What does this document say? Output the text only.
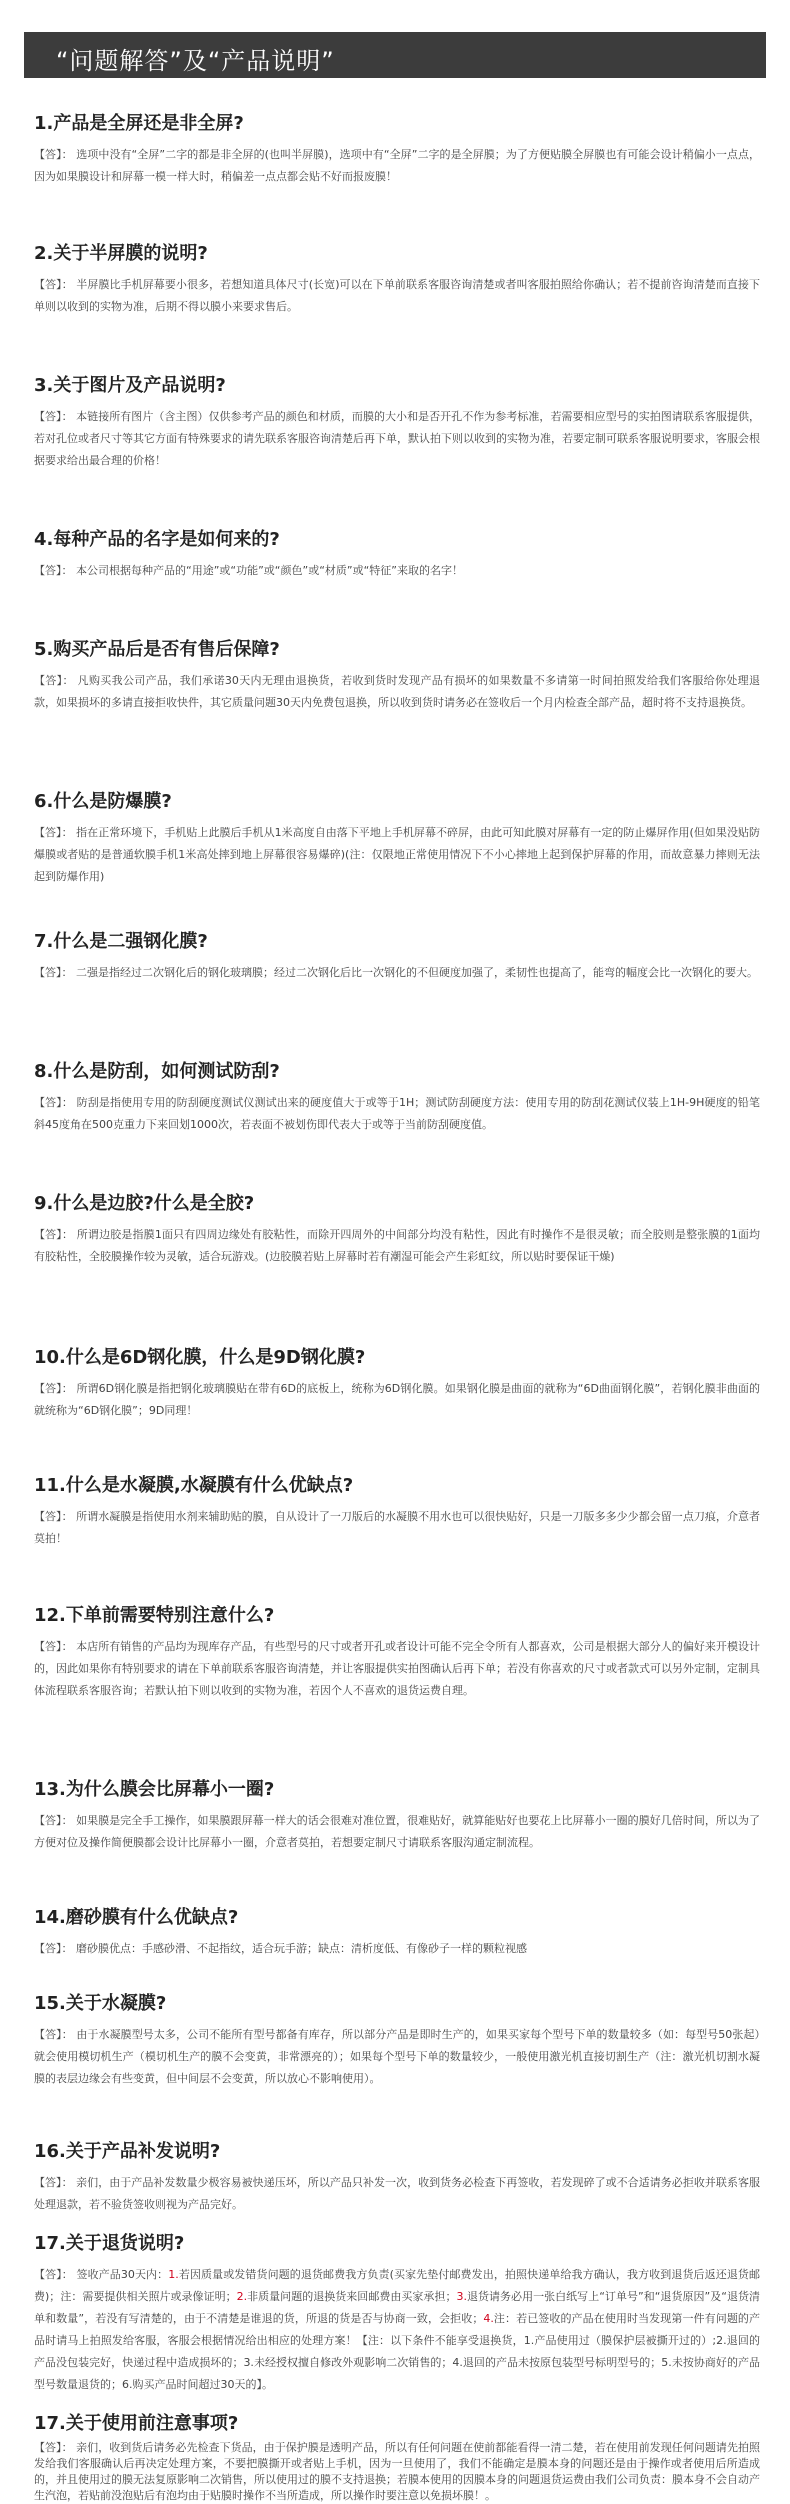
“问题解答”及“产品说明”
1.产品是全屏还是非全屏?
【答】： 选项中没有“全屏”二字的都是非全屏的(也叫半屏膜)，选项中有“全屏”二字的是全屏膜；为了方便贴膜全屏膜也有可能会设计稍偏小一点点，因为如果膜设计和屏幕一模一样大时，稍偏差一点点都会贴不好而报废膜！
2.关于半屏膜的说明?
【答】： 半屏膜比手机屏幕要小很多，若想知道具体尺寸(长宽)可以在下单前联系客服咨询清楚或者叫客服拍照给你确认；若不提前咨询清楚而直接下单则以收到的实物为准，后期不得以膜小来要求售后。
3.关于图片及产品说明?
【答】： 本链接所有图片（含主图）仅供参考产品的颜色和材质，而膜的大小和是否开孔不作为参考标准，若需要相应型号的实拍图请联系客服提供，若对孔位或者尺寸等其它方面有特殊要求的请先联系客服咨询清楚后再下单，默认拍下则以收到的实物为准，若要定制可联系客服说明要求，客服会根据要求给出最合理的价格！
4.每种产品的名字是如何来的?
【答】： 本公司根据每种产品的“用途”或“功能”或“颜色”或“材质”或“特征”来取的名字！
5.购买产品后是否有售后保障?
【答】： 凡购买我公司产品，我们承诺30天内无理由退换货，若收到货时发现产品有损坏的如果数量不多请第一时间拍照发给我们客服给你处理退款，如果损坏的多请直接拒收快件，其它质量问题30天内免费包退换，所以收到货时请务必在签收后一个月内检查全部产品，超时将不支持退换货。
6.什么是防爆膜?
【答】： 指在正常环境下，手机贴上此膜后手机从1米高度自由落下平地上手机屏幕不碎屏，由此可知此膜对屏幕有一定的防止爆屏作用(但如果没贴防爆膜或者贴的是普通软膜手机1米高处摔到地上屏幕很容易爆碎)(注：仅限地正常使用情况下不小心摔地上起到保护屏幕的作用，而故意暴力摔则无法起到防爆作用)
7.什么是二强钢化膜?
【答】： 二强是指经过二次钢化后的钢化玻璃膜；经过二次钢化后比一次钢化的不但硬度加强了，柔韧性也提高了，能弯的幅度会比一次钢化的要大。
8.什么是防刮，如何测试防刮?
【答】： 防刮是指使用专用的防刮硬度测试仪测试出来的硬度值大于或等于1H；测试防刮硬度方法：使用专用的防刮花测试仪装上1H-9H硬度的铅笔斜45度角在500克重力下来回划1000次，若表面不被划伤即代表大于或等于当前防刮硬度值。
9.什么是边胶?什么是全胶?
【答】： 所谓边胶是指膜1面只有四周边缘处有胶粘性，而除开四周外的中间部分均没有粘性，因此有时操作不是很灵敏；而全胶则是整张膜的1面均有胶粘性，全胶膜操作较为灵敏，适合玩游戏。(边胶膜若贴上屏幕时若有潮湿可能会产生彩虹纹，所以贴时要保证干燥)
10.什么是6D钢化膜，什么是9D钢化膜?
【答】： 所谓6D钢化膜是指把钢化玻璃膜贴在带有6D的底板上，统称为6D钢化膜。如果钢化膜是曲面的就称为“6D曲面钢化膜”，若钢化膜非曲面的就统称为“6D钢化膜”；9D同理！
11.什么是水凝膜,水凝膜有什么优缺点?
【答】： 所谓水凝膜是指使用水剂来辅助贴的膜，自从设计了一刀版后的水凝膜不用水也可以很快贴好，只是一刀版多多少少都会留一点刀痕，介意者莫拍！
12.下单前需要特别注意什么?
【答】： 本店所有销售的产品均为现库存产品，有些型号的尺寸或者开孔或者设计可能不完全令所有人都喜欢，公司是根据大部分人的偏好来开模设计的，因此如果你有特别要求的请在下单前联系客服咨询清楚，并让客服提供实拍图确认后再下单；若没有你喜欢的尺寸或者款式可以另外定制，定制具体流程联系客服咨询；若默认拍下则以收到的实物为准，若因个人不喜欢的退货运费自理。
13.为什么膜会比屏幕小一圈?
【答】： 如果膜是完全手工操作，如果膜跟屏幕一样大的话会很难对准位置，很难贴好，就算能贴好也要花上比屏幕小一圈的膜好几倍时间，所以为了方便对位及操作简便膜都会设计比屏幕小一圈，介意者莫拍，若想要定制尺寸请联系客服沟通定制流程。
14.磨砂膜有什么优缺点?
【答】： 磨砂膜优点：手感砂滑、不起指纹，适合玩手游；缺点：清析度低、有像砂子一样的颗粒视感
15.关于水凝膜?
【答】： 由于水凝膜型号太多，公司不能所有型号都备有库存，所以部分产品是即时生产的，如果买家每个型号下单的数量较多（如：每型号50张起）就会使用模切机生产（模切机生产的膜不会变黄，非常漂亮的）；如果每个型号下单的数量较少，一般使用激光机直接切割生产（注：激光机切割水凝膜的表层边缘会有些变黄，但中间层不会变黄，所以放心不影响使用）。
16.关于产品补发说明?
【答】： 亲们，由于产品补发数量少极容易被快递压坏，所以产品只补发一次，收到货务必检查下再签收，若发现碎了或不合适请务必拒收并联系客服处理退款，若不验货签收则视为产品完好。
17.关于退货说明?
【答】： 签收产品30天内：1.若因质量或发错货问题的退货邮费我方负责(买家先垫付邮费发出，拍照快递单给我方确认，我方收到退货后返还退货邮费)；注：需要提供相关照片或录像证明；2.非质量问题的退换货来回邮费由买家承担；3.退货请务必用一张白纸写上“订单号”和“退货原因”及“退货清单和数量”，若没有写清楚的，由于不清楚是谁退的货，所退的货是否与协商一致，会拒收；4.注：若已签收的产品在使用时当发现第一件有问题的产品时请马上拍照发给客服，客服会根据情况给出相应的处理方案！【注：以下条件不能享受退换货，1.产品使用过（膜保护层被撕开过的）;2.退回的产品没包装完好，快递过程中造成损坏的；3.未经授权擅自修改外观影响二次销售的；4.退回的产品未按原包装型号标明型号的；5.未按协商好的产品型号数量退货的；6.购买产品时间超过30天的】。
17.关于使用前注意事项?
【答】： 亲们，收到货后请务必先检查下货品，由于保护膜是透明产品，所以有任何问题在使前都能看得一清二楚，若在使用前发现任何问题请先拍照发给我们客服确认后再决定处理方案，不要把膜撕开或者贴上手机，因为一旦使用了，我们不能确定是膜本身的问题还是由于操作或者使用后所造成的，并且使用过的膜无法复原影响二次销售，所以使用过的膜不支持退换；若膜本使用的因膜本身的问题退货运费由我们公司负责：膜本身不会自动产生汽泡，若贴前没泡贴后有泡均由于贴膜时操作不当所造成，所以操作时要注意以免损坏膜！。
